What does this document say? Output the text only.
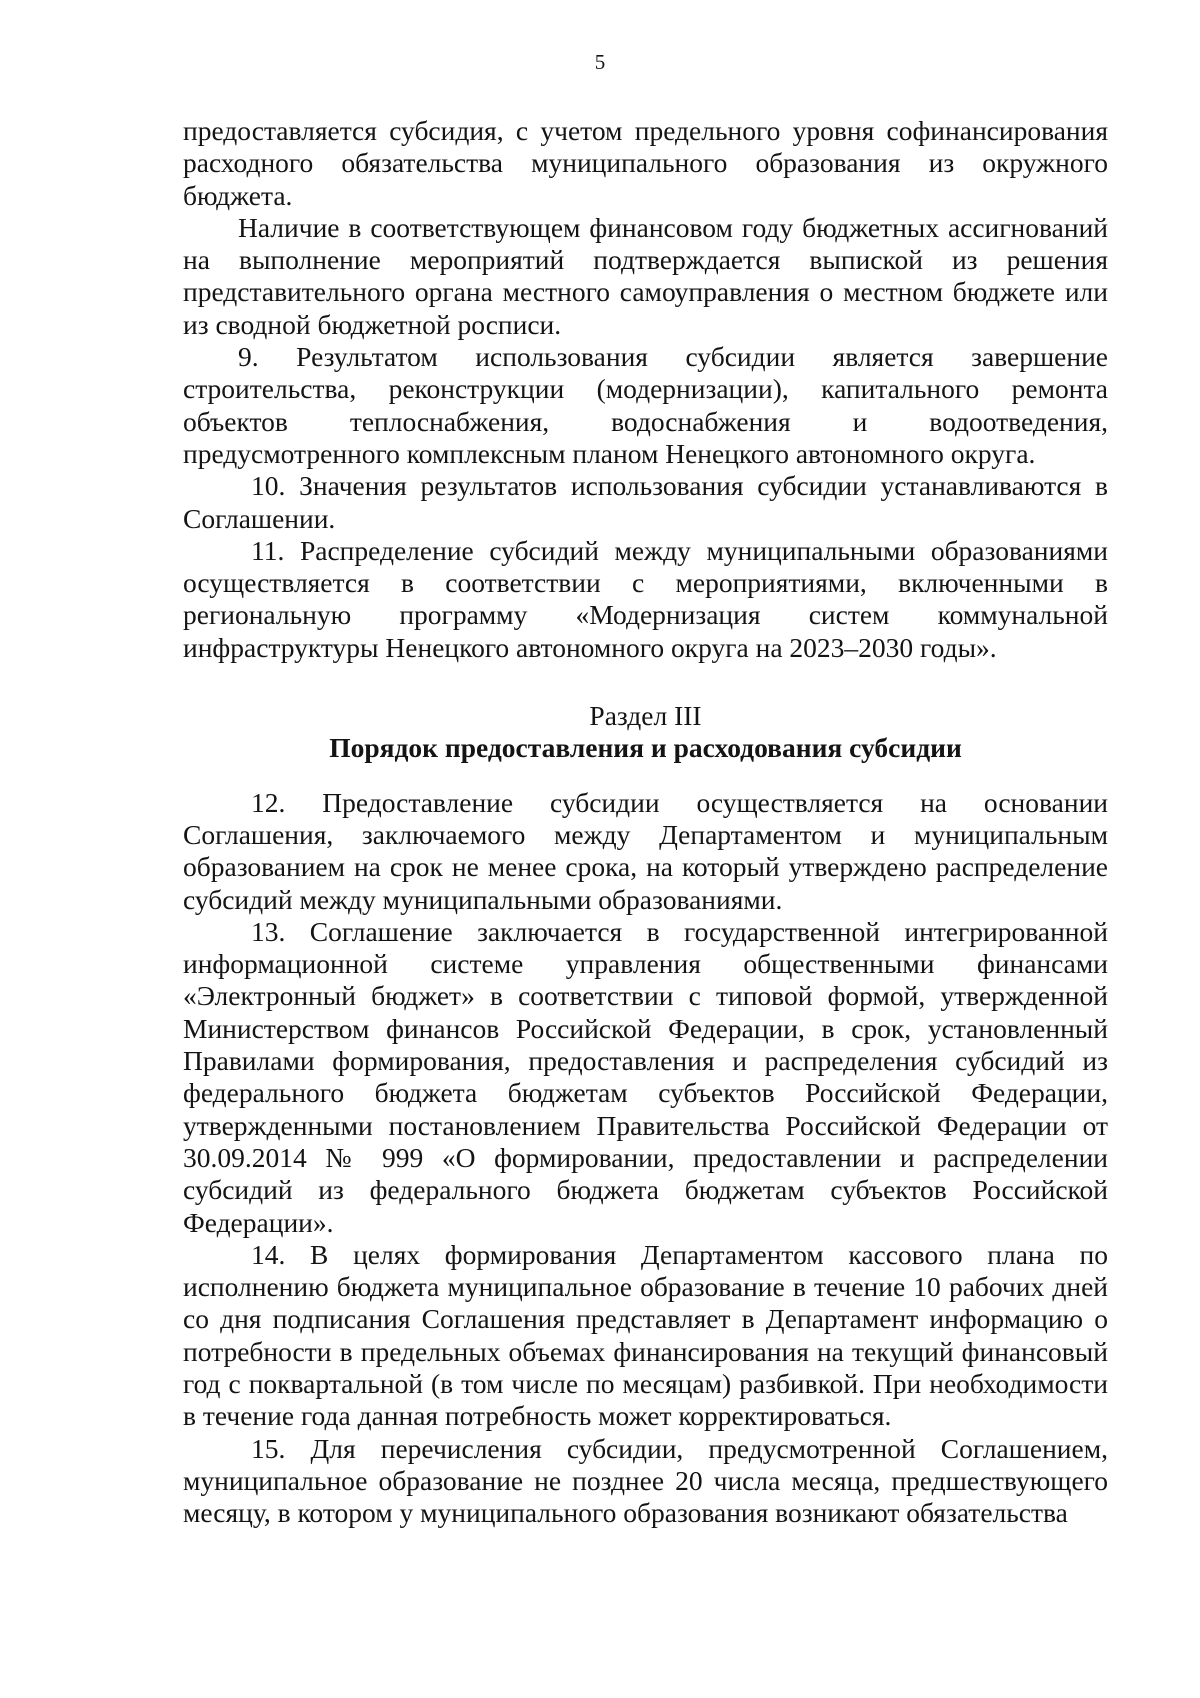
5

предоставляется субсидия, с учетом предельного уровня софинансирования расходного обязательства муниципального образования из окружного бюджета.

Наличие в соответствующем финансовом году бюджетных ассигнований на выполнение мероприятий подтверждается выпиской из решения представительного органа местного самоуправления о местном бюджете или из сводной бюджетной росписи.

9. Результатом использования субсидии является завершение строительства, реконструкции (модернизации), капитального ремонта объектов теплоснабжения, водоснабжения и водоотведения, предусмотренного комплексным планом Ненецкого автономного округа.

10. Значения результатов использования субсидии устанавливаются в Соглашении.

11. Распределение субсидий между муниципальными образованиями осуществляется в соответствии с мероприятиями, включенными в региональную программу «Модернизация систем коммунальной инфраструктуры Ненецкого автономного округа на 2023–2030 годы».

Раздел III
Порядок предоставления и расходования субсидии

12. Предоставление субсидии осуществляется на основании Соглашения, заключаемого между Департаментом и муниципальным образованием на срок не менее срока, на который утверждено распределение субсидий между муниципальными образованиями.

13. Соглашение заключается в государственной интегрированной информационной системе управления общественными финансами «Электронный бюджет» в соответствии с типовой формой, утвержденной Министерством финансов Российской Федерации, в срок, установленный Правилами формирования, предоставления и распределения субсидий из федерального бюджета бюджетам субъектов Российской Федерации, утвержденными постановлением Правительства Российской Федерации от 30.09.2014 № 999 «О формировании, предоставлении и распределении субсидий из федерального бюджета бюджетам субъектов Российской Федерации».

14. В целях формирования Департаментом кассового плана по исполнению бюджета муниципальное образование в течение 10 рабочих дней со дня подписания Соглашения представляет в Департамент информацию о потребности в предельных объемах финансирования на текущий финансовый год с поквартальной (в том числе по месяцам) разбивкой. При необходимости в течение года данная потребность может корректироваться.

15. Для перечисления субсидии, предусмотренной Соглашением, муниципальное образование не позднее 20 числа месяца, предшествующего месяцу, в котором у муниципального образования возникают обязательства
